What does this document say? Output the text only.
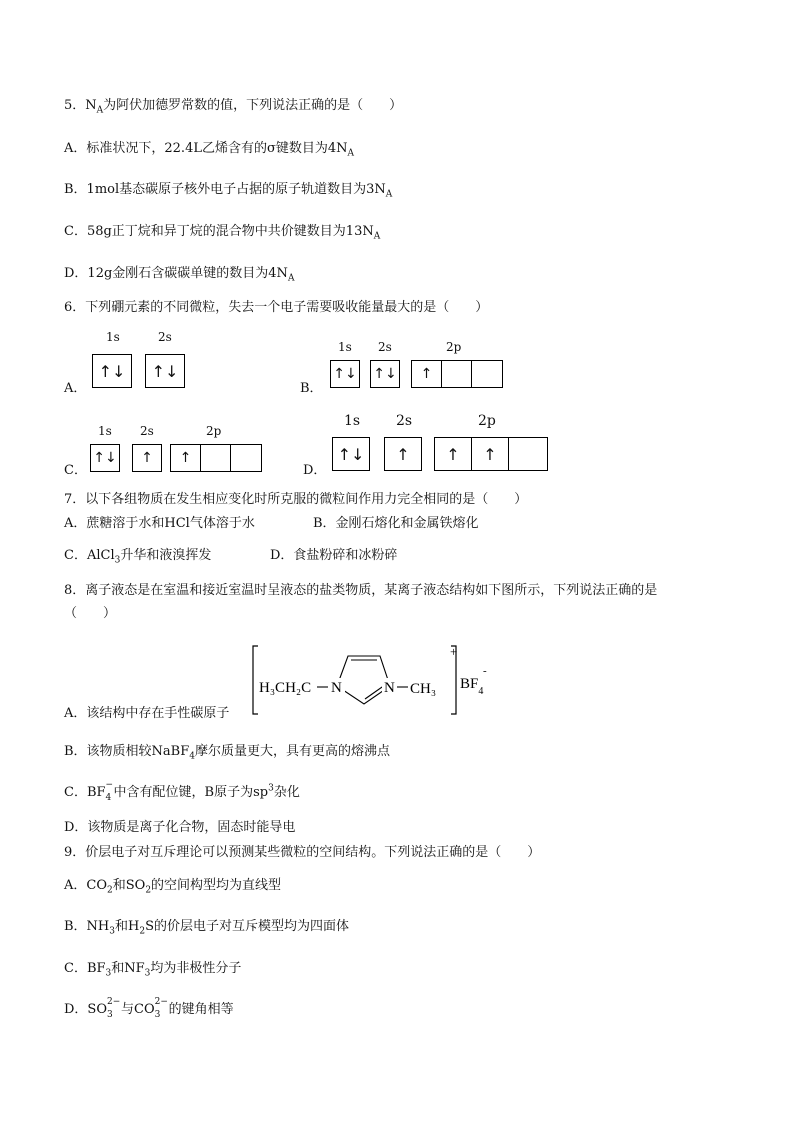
5．$N_A$为阿伏加德罗常数的值，下列说法正确的是（　　）
A．标准状况下，22.4L乙烯含有的σ键数目为$4N_A$
B．1mol基态碳原子核外电子占据的原子轨道数目为$3N_A$
C．58g正丁烷和异丁烷的混合物中共价键数目为$13N_A$
D．12g金刚石含碳碳单键的数目为$4N_A$
6．下列硼元素的不同微粒，失去一个电子需要吸收能量最大的是（　　）
A．
1s	2s
↑↓	↑↓
B．
1s 2s	2p
↑↓ ↑↓	↑
C．
1s 2s	2p
↑↓	↑	↑
D．
1s	2s	2p
↑↓	↑	↑	↑
7．以下各组物质在发生相应变化时所克服的微粒间作用力完全相同的是（　　）
A．蔗糖溶于水和HCl气体溶于水	B．金刚石熔化和金属铁熔化
C．AlCl$_3$升华和液溴挥发	D．食盐粉碎和冰粉碎
8．离子液态是在室温和接近室温时呈液态的盐类物质，某离子液态结构如下图所示，下列说法正确的是
（　　）
H₃CH₂C N	N CH₃
+
$BF_4$
-
A．该结构中存在手性碳原子
B．该物质相较NaBF$_4$摩尔质量更大，具有更高的熔沸点
C．BF −
4 中含有配位键，B原子为$sp^3$杂化
D．该物质是离子化合物，固态时能导电
9．价层电子对互斥理论可以预测某些微粒的空间结构。下列说法正确的是（　　）
A．$CO_2$和$SO_2$的空间构型均为直线型
B．$NH_3$和$H_2S$的价层电子对互斥模型均为四面体
C．$BF_3$和$NF_3$均为非极性分子
D．SO 2−
3 与CO 2−
3 的键角相等
